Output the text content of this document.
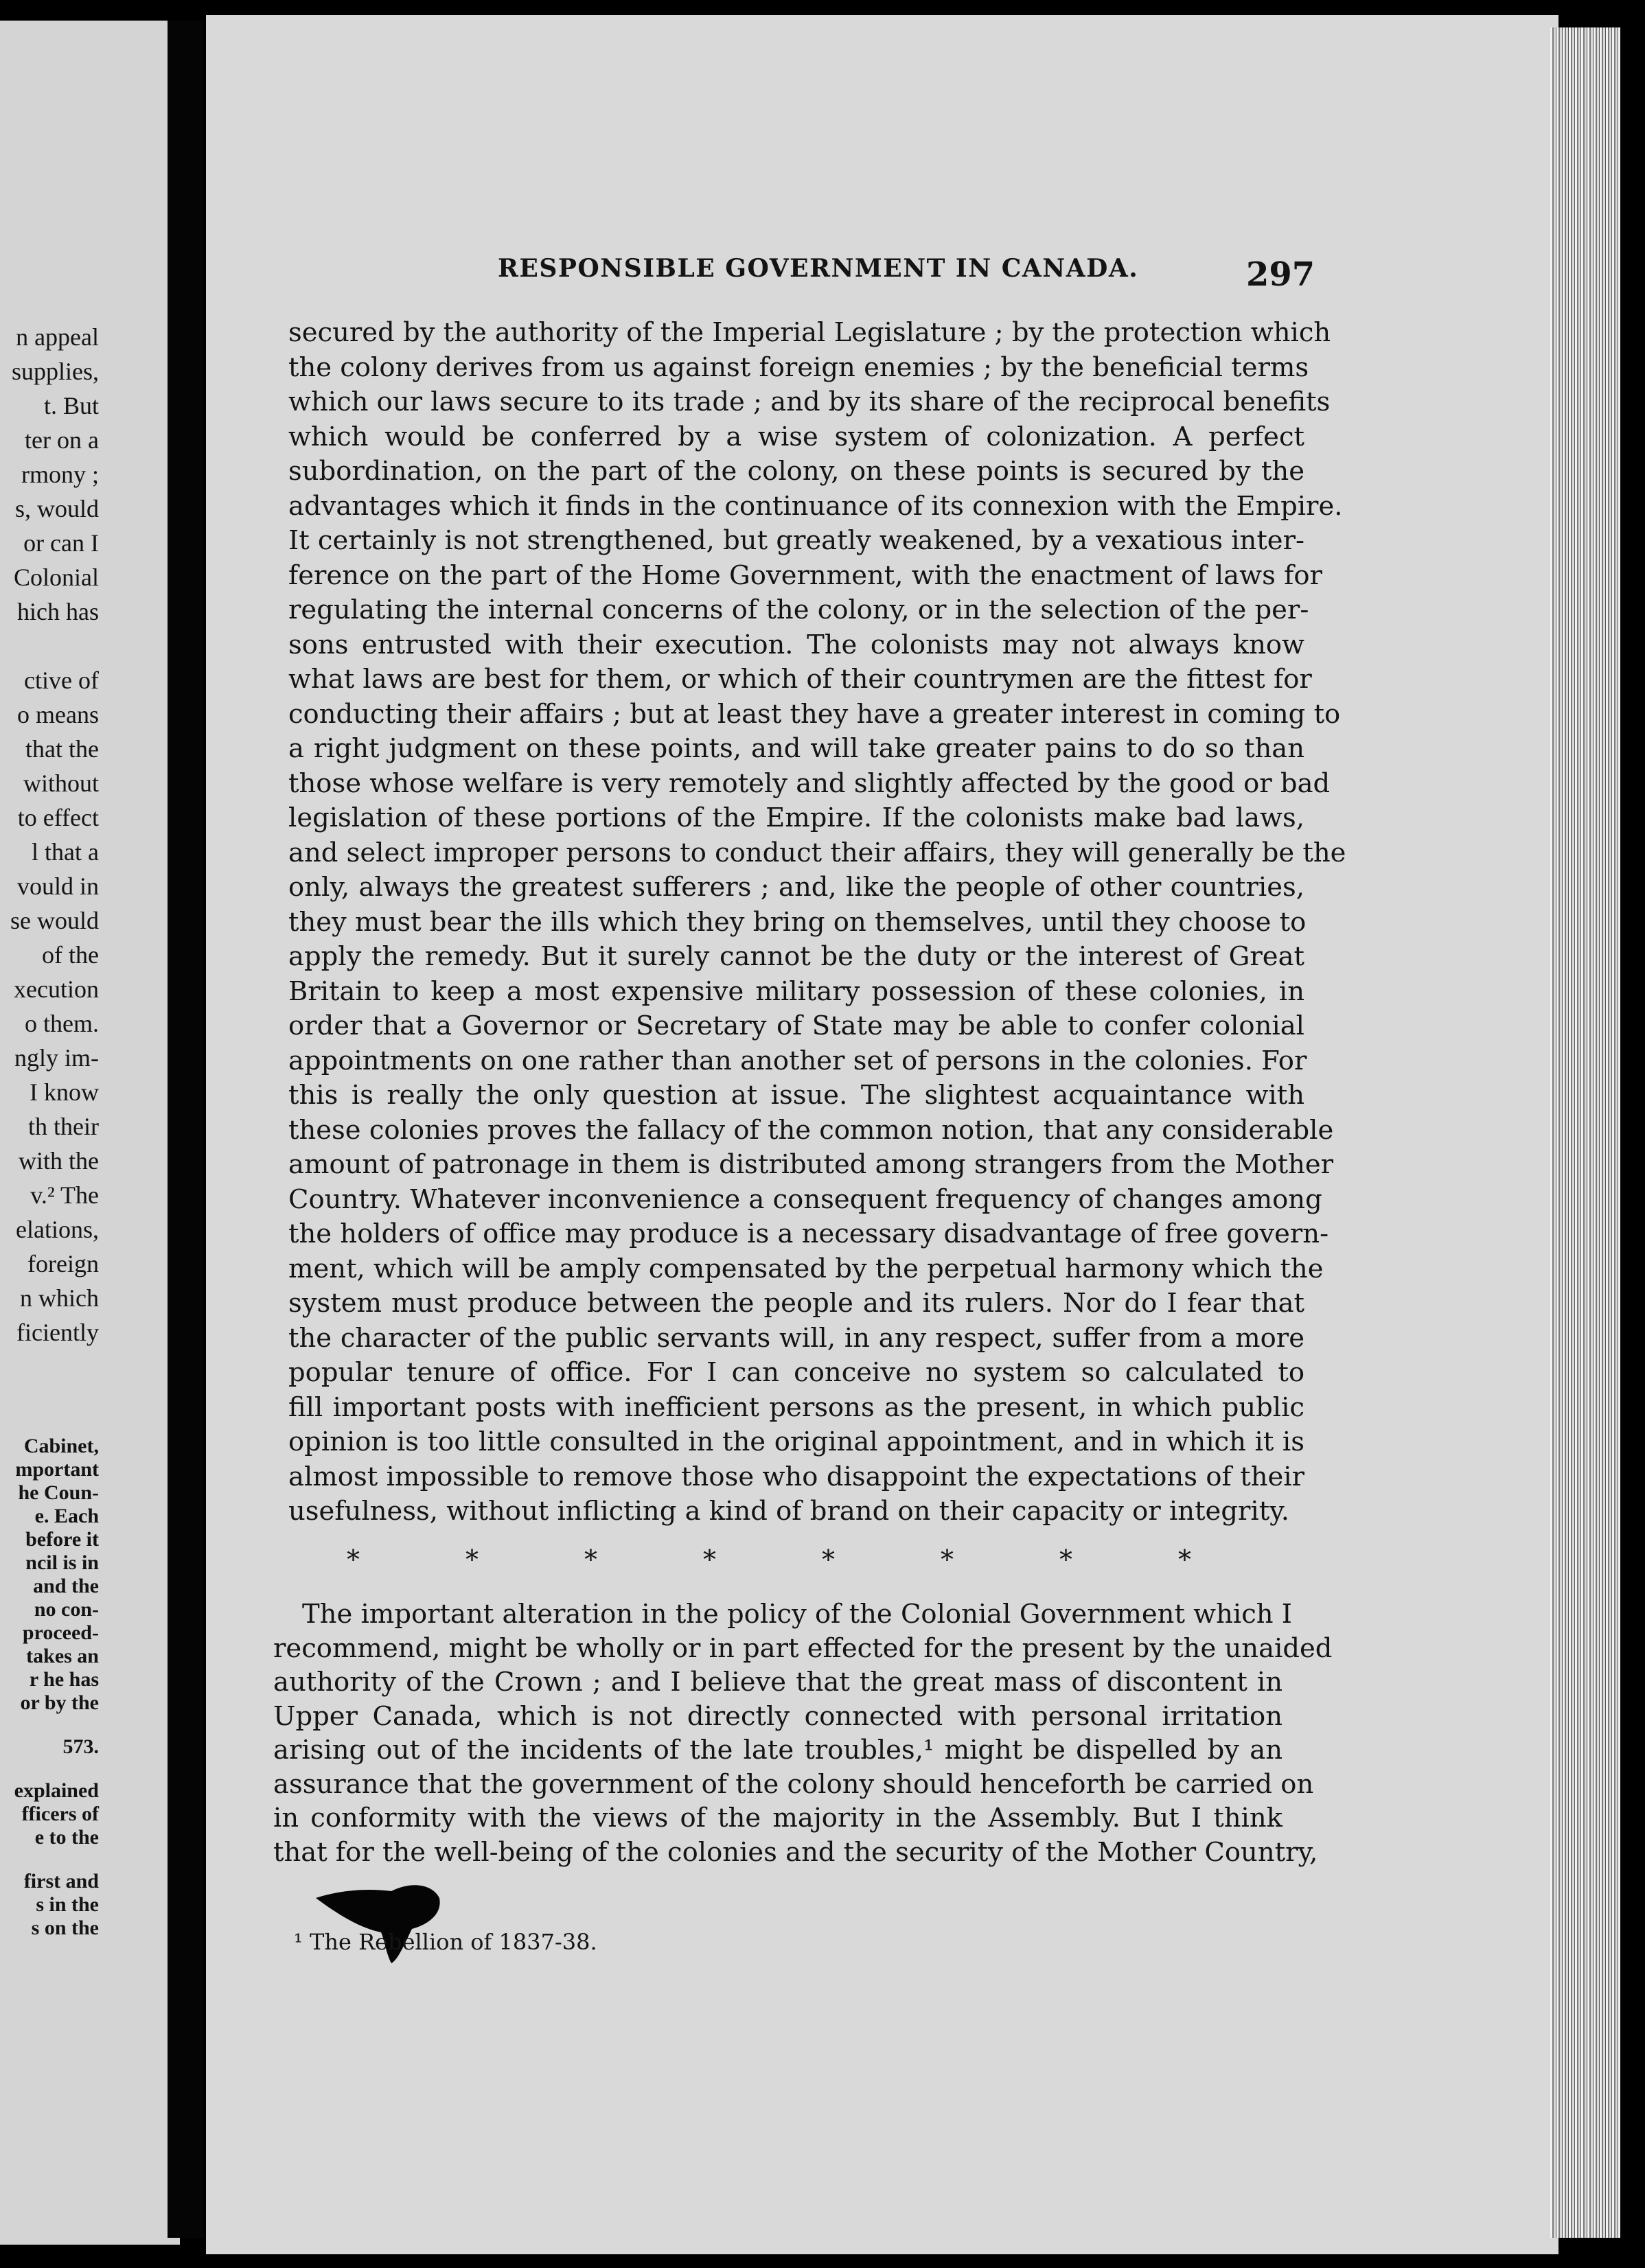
n appeal
supplies,
t. But
ter on a
rmony ;
s, would
or can I
Colonial
hich has
ctive of
o means
that the
without
to effect
l that a
vould in
se would
of the
xecution
o them.
ngly im-
I know
th their
with the
v.² The
elations,
foreign
n which
ficiently
Cabinet,
mportant
he Coun-
e. Each
before it
ncil is in
and the
no con-
proceed-
takes an
r he has
or by the
573.
explained
fficers of
e to the
first and
s in the
s on the
RESPONSIBLE GOVERNMENT IN CANADA.	297
secured by the authority of the Imperial Legislature ; by the protection which
the colony derives from us against foreign enemies ; by the beneficial terms
which our laws secure to its trade ; and by its share of the reciprocal benefits
which would be conferred by a wise system of colonization. A perfect
subordination, on the part of the colony, on these points is secured by the
advantages which it finds in the continuance of its connexion with the Empire.
It certainly is not strengthened, but greatly weakened, by a vexatious inter-
ference on the part of the Home Government, with the enactment of laws for
regulating the internal concerns of the colony, or in the selection of the per-
sons entrusted with their execution. The colonists may not always know
what laws are best for them, or which of their countrymen are the fittest for
conducting their affairs ; but at least they have a greater interest in coming to
a right judgment on these points, and will take greater pains to do so than
those whose welfare is very remotely and slightly affected by the good or bad
legislation of these portions of the Empire. If the colonists make bad laws,
and select improper persons to conduct their affairs, they will generally be the
only, always the greatest sufferers ; and, like the people of other countries,
they must bear the ills which they bring on themselves, until they choose to
apply the remedy. But it surely cannot be the duty or the interest of Great
Britain to keep a most expensive military possession of these colonies, in
order that a Governor or Secretary of State may be able to confer colonial
appointments on one rather than another set of persons in the colonies. For
this is really the only question at issue. The slightest acquaintance with
these colonies proves the fallacy of the common notion, that any considerable
amount of patronage in them is distributed among strangers from the Mother
Country. Whatever inconvenience a consequent frequency of changes among
the holders of office may produce is a necessary disadvantage of free govern-
ment, which will be amply compensated by the perpetual harmony which the
system must produce between the people and its rulers. Nor do I fear that
the character of the public servants will, in any respect, suffer from a more
popular tenure of office. For I can conceive no system so calculated to
fill important posts with inefficient persons as the present, in which public
opinion is too little consulted in the original appointment, and in which it is
almost impossible to remove those who disappoint the expectations of their
usefulness, without inflicting a kind of brand on their capacity or integrity.
*	*	*	*	*	*	*	*
The important alteration in the policy of the Colonial Government which I
recommend, might be wholly or in part effected for the present by the unaided
authority of the Crown ; and I believe that the great mass of discontent in
Upper Canada, which is not directly connected with personal irritation
arising out of the incidents of the late troubles,¹ might be dispelled by an
assurance that the government of the colony should henceforth be carried on
in conformity with the views of the majority in the Assembly. But I think
that for the well-being of the colonies and the security of the Mother Country,
¹ The Rebellion of 1837-38.
